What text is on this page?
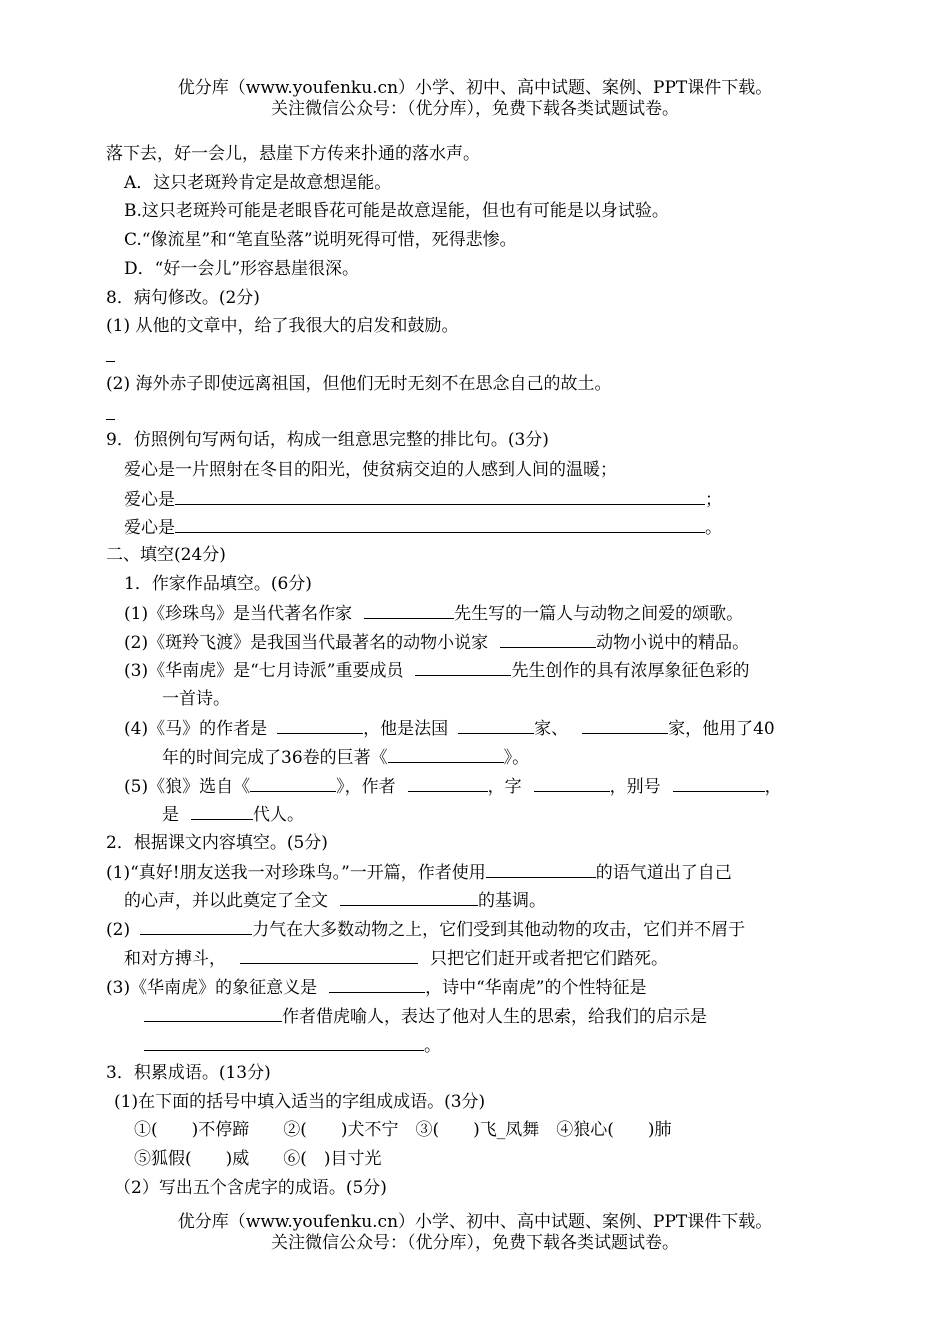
优分库（www.youfenku.cn）小学、初中、高中试题、案例、PPT课件下载。
关注微信公众号：（优分库），免费下载各类试题试卷。
落下去，好一会儿，悬崖下方传来扑通的落水声。
A．这只老斑羚肯定是故意想逞能。
B.这只老斑羚可能是老眼昏花可能是故意逞能，但也有可能是以身试验。
C.“像流星”和“笔直坠落”说明死得可惜，死得悲惨。
D．“好一会儿”形容悬崖很深。
8．病句修改。(2分)
(1) 从他的文章中，给了我很大的启发和鼓励。
(2) 海外赤子即使远离祖国，但他们无时无刻不在思念自己的故土。
9．仿照例句写两句话，构成一组意思完整的排比句。(3分)
爱心是一片照射在冬目的阳光，使贫病交迫的人感到人间的温暖；
爱心是	；
爱心是	。
二、填空(24分)
1．作家作品填空。(6分)
(1)《珍珠鸟》是当代著名作家	先生写的一篇人与动物之间爱的颂歌。
(2)《斑羚飞渡》是我国当代最著名的动物小说家	动物小说中的精品。
(3)《华南虎》是“七月诗派”重要成员	先生创作的具有浓厚象征色彩的
一首诗。
(4)《马》的作者是	，他是法国	家、	家，他用了40
年的时间完成了36卷的巨著《	》。
(5)《狼》选自《	》，作者	，字	，别号	，
是	代人。
2．根据课文内容填空。(5分)
(1)“真好!朋友送我一对珍珠鸟。”一开篇，作者使用	的语气道出了自己
的心声，并以此奠定了全文	的基调。
(2)	力气在大多数动物之上，它们受到其他动物的攻击，它们并不屑于
和对方搏斗，	只把它们赶开或者把它们踏死。
(3)《华南虎》的象征意义是	，诗中“华南虎”的个性特征是
作者借虎喻人，表达了他对人生的思索，给我们的启示是
。
3．积累成语。(13分)
(1)在下面的括号中填入适当的字组成成语。(3分)
①(　　)不停蹄　　②(　　)犬不宁　③(　　)飞_凤舞　④狼心(　　)肺
⑤狐假(　　)威　　⑥(　)目寸光
（2）写出五个含虎字的成语。(5分)
优分库（www.youfenku.cn）小学、初中、高中试题、案例、PPT课件下载。
关注微信公众号：（优分库），免费下载各类试题试卷。
